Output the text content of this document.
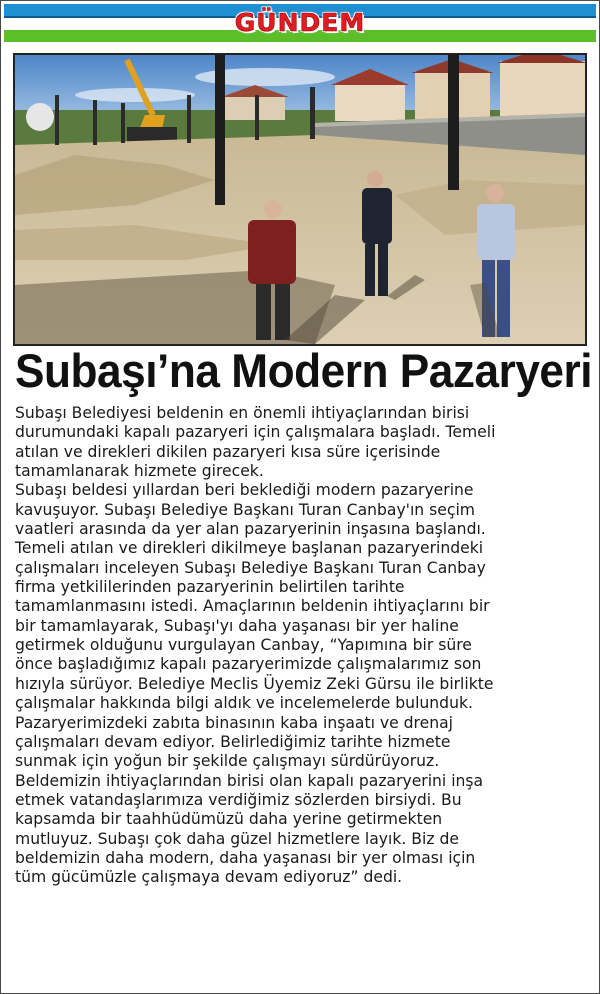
GÜNDEM
Subaşı’na Modern Pazaryeri
Subaşı Belediyesi beldenin en önemli ihtiyaçlarından birisi
durumundaki kapalı pazaryeri için çalışmalara başladı. Temeli
atılan ve direkleri dikilen pazaryeri kısa süre içerisinde
tamamlanarak hizmete girecek.
Subaşı beldesi yıllardan beri beklediği modern pazaryerine
kavuşuyor. Subaşı Belediye Başkanı Turan Canbay'ın seçim
vaatleri arasında da yer alan pazaryerinin inşasına başlandı.
Temeli atılan ve direkleri dikilmeye başlanan pazaryerindeki
çalışmaları inceleyen Subaşı Belediye Başkanı Turan Canbay
firma yetkililerinden pazaryerinin belirtilen tarihte
tamamlanmasını istedi. Amaçlarının beldenin ihtiyaçlarını bir
bir tamamlayarak, Subaşı'yı daha yaşanası bir yer haline
getirmek olduğunu vurgulayan Canbay, “Yapımına bir süre
önce başladığımız kapalı pazaryerimizde çalışmalarımız son
hızıyla sürüyor. Belediye Meclis Üyemiz Zeki Gürsu ile birlikte
çalışmalar hakkında bilgi aldık ve incelemelerde bulunduk.
Pazaryerimizdeki zabıta binasının kaba inşaatı ve drenaj
çalışmaları devam ediyor. Belirlediğimiz tarihte hizmete
sunmak için yoğun bir şekilde çalışmayı sürdürüyoruz.
Beldemizin ihtiyaçlarından birisi olan kapalı pazaryerini inşa
etmek vatandaşlarımıza verdiğimiz sözlerden birsiydi. Bu
kapsamda bir taahhüdümüzü daha yerine getirmekten
mutluyuz. Subaşı çok daha güzel hizmetlere layık. Biz de
beldemizin daha modern, daha yaşanası bir yer olması için
tüm gücümüzle çalışmaya devam ediyoruz” dedi.
